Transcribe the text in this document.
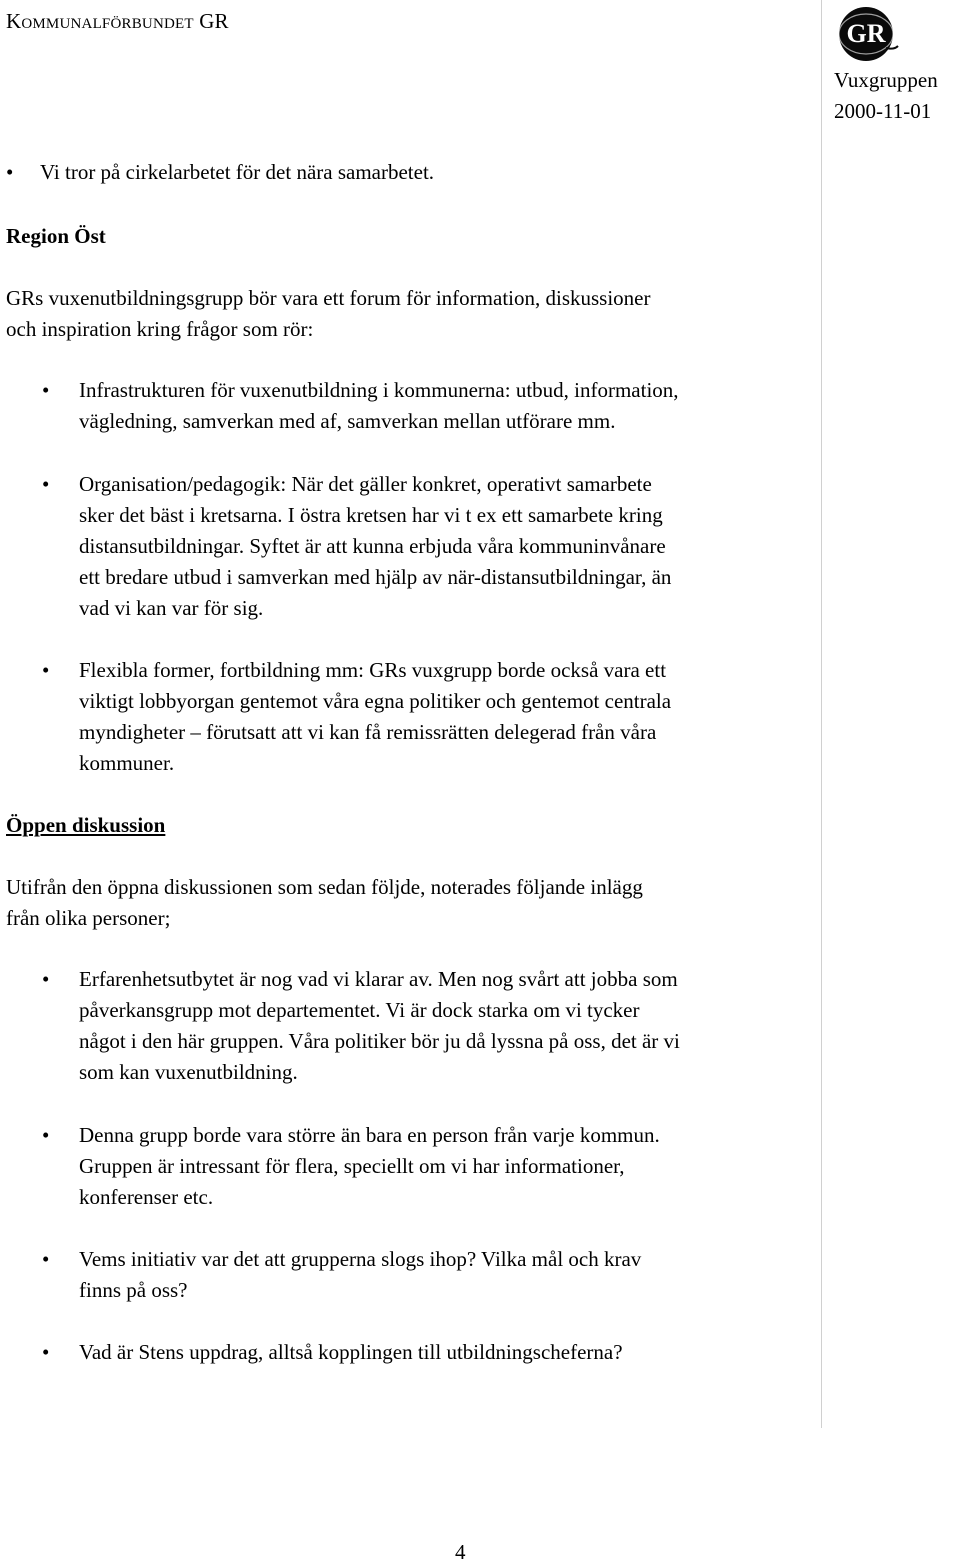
Kommunalförbundet GR	GR
Vuxgruppen
2000-11-01
• Vi tror på cirkelarbetet för det nära samarbetet.
Region Öst
GRs vuxenutbildningsgrupp bör vara ett forum för information, diskussioner
och inspiration kring frågor som rör:
• Infrastrukturen för vuxenutbildning i kommunerna: utbud, information,
vägledning, samverkan med af, samverkan mellan utförare mm.
• Organisation/pedagogik: När det gäller konkret, operativt samarbete
sker det bäst i kretsarna. I östra kretsen har vi t ex ett samarbete kring
distansutbildningar. Syftet är att kunna erbjuda våra kommuninvånare
ett bredare utbud i samverkan med hjälp av när-distansutbildningar, än
vad vi kan var för sig.
• Flexibla former, fortbildning mm: GRs vuxgrupp borde också vara ett
viktigt lobbyorgan gentemot våra egna politiker och gentemot centrala
myndigheter – förutsatt att vi kan få remissrätten delegerad från våra
kommuner.
Öppen diskussion
Utifrån den öppna diskussionen som sedan följde, noterades följande inlägg
från olika personer;
• Erfarenhetsutbytet är nog vad vi klarar av. Men nog svårt att jobba som
påverkansgrupp mot departementet. Vi är dock starka om vi tycker
något i den här gruppen. Våra politiker bör ju då lyssna på oss, det är vi
som kan vuxenutbildning.
• Denna grupp borde vara större än bara en person från varje kommun.
Gruppen är intressant för flera, speciellt om vi har informationer,
konferenser etc.
• Vems initiativ var det att grupperna slogs ihop? Vilka mål och krav
finns på oss?
• Vad är Stens uppdrag, alltså kopplingen till utbildningscheferna?
4
